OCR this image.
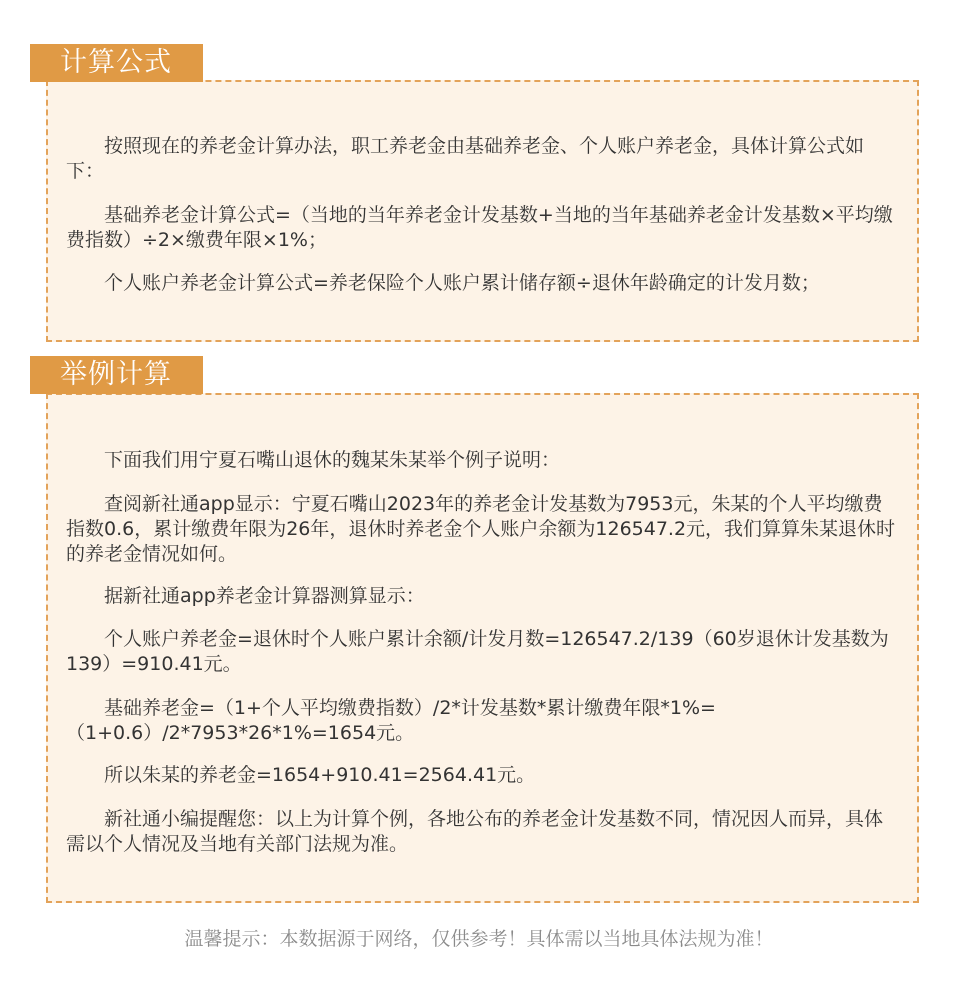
计算公式

按照现在的养老金计算办法，职工养老金由基础养老金、个人账户养老金，具体计算公式如下：

基础养老金计算公式=（当地的当年养老金计发基数+当地的当年基础养老金计发基数×平均缴费指数）÷2×缴费年限×1%；

个人账户养老金计算公式=养老保险个人账户累计储存额÷退休年龄确定的计发月数；

举例计算

下面我们用宁夏石嘴山退休的魏某朱某举个例子说明：

查阅新社通app显示：宁夏石嘴山2023年的养老金计发基数为7953元，朱某的个人平均缴费指数0.6，累计缴费年限为26年，退休时养老金个人账户余额为126547.2元，我们算算朱某退休时的养老金情况如何。

据新社通app养老金计算器测算显示：

个人账户养老金=退休时个人账户累计余额/计发月数=126547.2/139（60岁退休计发基数为139）=910.41元。

基础养老金=（1+个人平均缴费指数）/2*计发基数*累计缴费年限*1%=（1+0.6）/2*7953*26*1%=1654元。

所以朱某的养老金=1654+910.41=2564.41元。

新社通小编提醒您：以上为计算个例，各地公布的养老金计发基数不同，情况因人而异，具体需以个人情况及当地有关部门法规为准。

温馨提示：本数据源于网络，仅供参考！具体需以当地具体法规为准！
